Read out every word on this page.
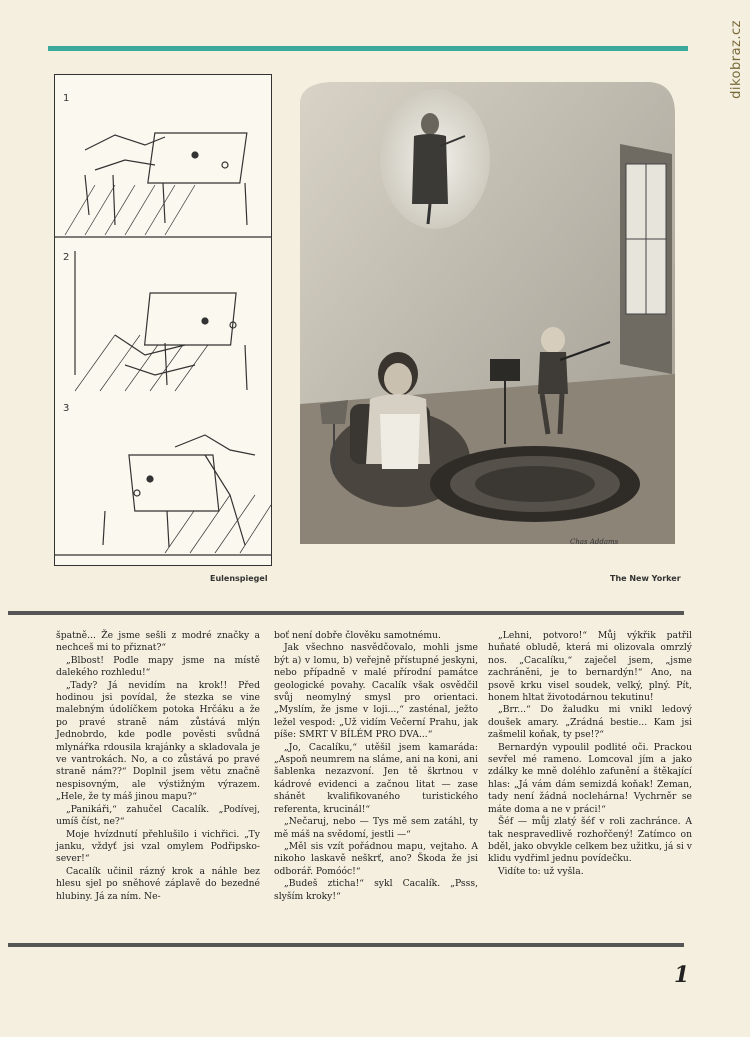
dikobraz.cz
1
2
3
Eulenspiegel
Chas Addams
The New Yorker

špatně... Že jsme sešli z modré značky a nechceš mi to přiznat?“

„Blbost! Podle mapy jsme na místě dalekého rozhledu!“

„Tady? Já nevidím na krok!! Před hodinou jsi povídal, že stezka se vine malebným údolíčkem potoka Hrčáku a že po pravé straně nám zůstává mlýn Jednobrdo, kde podle pověsti svůdná mlynářka rdousila krajánky a skladovala je ve vantrokách. No, a co zůstává po pravé straně nám??“ Doplnil jsem větu značně nespisovným, ale výstižným výrazem. „Hele, že ty máš jinou mapu?“

„Panikáři,“ zahučel Cacalík. „Podívej, umíš číst, ne?“

Moje hvízdnutí přehlušilo i vichřici. „Ty janku, vždyť jsi vzal omylem Podřipsko-sever!“

Cacalík učinil rázný krok a náhle bez hlesu sjel po sněhové záplavě do bezedné hlubiny. Já za ním. Ne-

boť není dobře člověku samotnému.

Jak všechno nasvědčovalo, mohli jsme být a) v lomu, b) veřejně přístupné jeskyni, nebo případně v malé přírodní památce geologické povahy. Cacalík však osvědčil svůj neomylný smysl pro orientaci. „Myslím, že jsme v loji...,“ zasténal, ježto ležel vespod: „Už vidím Večerní Prahu, jak píše: SMRT V BÍLÉM PRO DVA...“

„Jo, Cacalíku,“ utěšil jsem kamaráda: „Aspoň neumrem na sláme, ani na koni, ani šablenka nezazvoní. Jen tě škrtnou v kádrové evidenci a začnou litat — zase shánět kvalifikovaného turistického referenta, krucinál!“

„Nečaruj, nebo — Tys mě sem zatáhl, ty mě máš na svědomí, jestli —“

„Měl sis vzít pořádnou mapu, vejtaho. A nikoho laskavě neškrť, ano? Škoda že jsi odborář. Pomóóc!“

„Budeš zticha!“ sykl Cacalík. „Psss, slyším kroky!“

„Lehni, potvoro!“ Můj výkřik patřil huňaté obludě, která mi olizovala omrzlý nos. „Cacalíku,“ zaječel jsem, „jsme zachráněni, je to bernardýn!“ Ano, na psově krku visel soudek, velký, plný. Pít, honem hltat životodárnou tekutinu!

„Brr...“ Do žaludku mi vnikl ledový doušek amary. „Zrádná bestie... Kam jsi zašmelil koňak, ty pse!?“

Bernardýn vypoulil podlité oči. Prackou sevřel mé rameno. Lomcoval jím a jako zdálky ke mně doléhlo zafunění a štěkající hlas: „Já vám dám semizdá koňak! Zeman, tady není žádná noclehárna! Vychrněr se máte doma a ne v práci!“

Šéf — můj zlatý šéf v roli zachránce. A tak nespravedlivě rozhořčený! Zatímco on bděl, jako obvykle celkem bez užitku, já si v klidu vydřiml jednu povídečku.

Vidíte to: už vyšla.

1
